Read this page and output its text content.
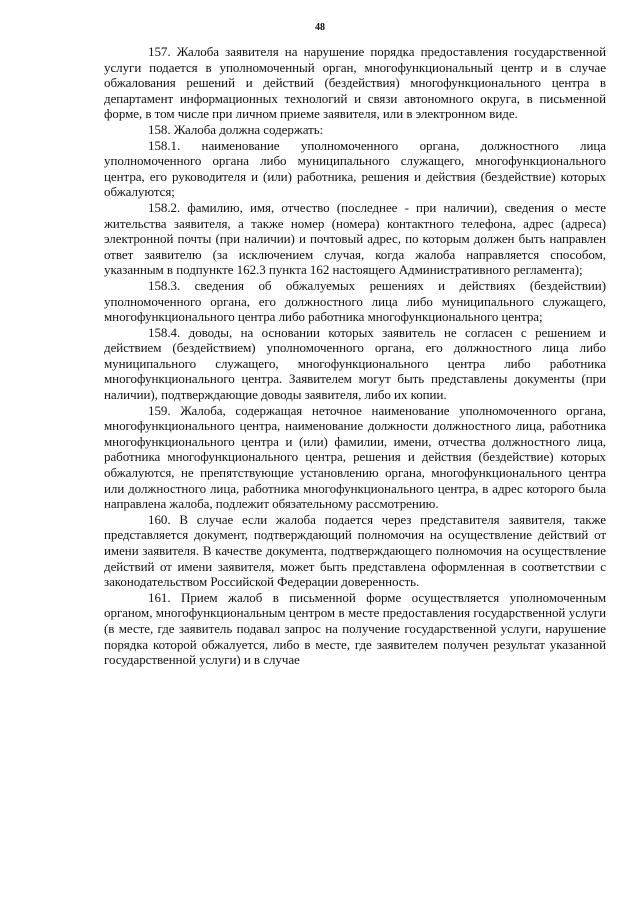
48

157. Жалоба заявителя на нарушение порядка предоставления государственной услуги подается в уполномоченный орган, многофункциональный центр и в случае обжалования решений и действий (бездействия) многофункционального центра в департамент информационных технологий и связи автономного округа, в письменной форме, в том числе при личном приеме заявителя, или в электронном виде.

158. Жалоба должна содержать:

158.1. наименование уполномоченного органа, должностного лица уполномоченного органа либо муниципального служащего, многофункционального центра, его руководителя и (или) работника, решения и действия (бездействие) которых обжалуются;

158.2. фамилию, имя, отчество (последнее - при наличии), сведения о месте жительства заявителя, а также номер (номера) контактного телефона, адрес (адреса) электронной почты (при наличии) и почтовый адрес, по которым должен быть направлен ответ заявителю (за исключением случая, когда жалоба направляется способом, указанным в подпункте 162.3 пункта 162 настоящего Административного регламента);

158.3. сведения об обжалуемых решениях и действиях (бездействии) уполномоченного органа, его должностного лица либо муниципального служащего, многофункционального центра либо работника многофункционального центра;

158.4. доводы, на основании которых заявитель не согласен с решением и действием (бездействием) уполномоченного органа, его должностного лица либо муниципального служащего, многофункционального центра либо работника многофункционального центра. Заявителем могут быть представлены документы (при наличии), подтверждающие доводы заявителя, либо их копии.

159. Жалоба, содержащая неточное наименование уполномоченного органа, многофункционального центра, наименование должности должностного лица, работника многофункционального центра и (или) фамилии, имени, отчества должностного лица, работника многофункционального центра, решения и действия (бездействие) которых обжалуются, не препятствующие установлению органа, многофункционального центра или должностного лица, работника многофункционального центра, в адрес которого была направлена жалоба, подлежит обязательному рассмотрению.

160. В случае если жалоба подается через представителя заявителя, также представляется документ, подтверждающий полномочия на осуществление действий от имени заявителя. В качестве документа, подтверждающего полномочия на осуществление действий от имени заявителя, может быть представлена оформленная в соответствии с законодательством Российской Федерации доверенность.

161. Прием жалоб в письменной форме осуществляется уполномоченным органом, многофункциональным центром в месте предоставления государственной услуги (в месте, где заявитель подавал запрос на получение государственной услуги, нарушение порядка которой обжалуется, либо в месте, где заявителем получен результат указанной государственной услуги) и в случае
